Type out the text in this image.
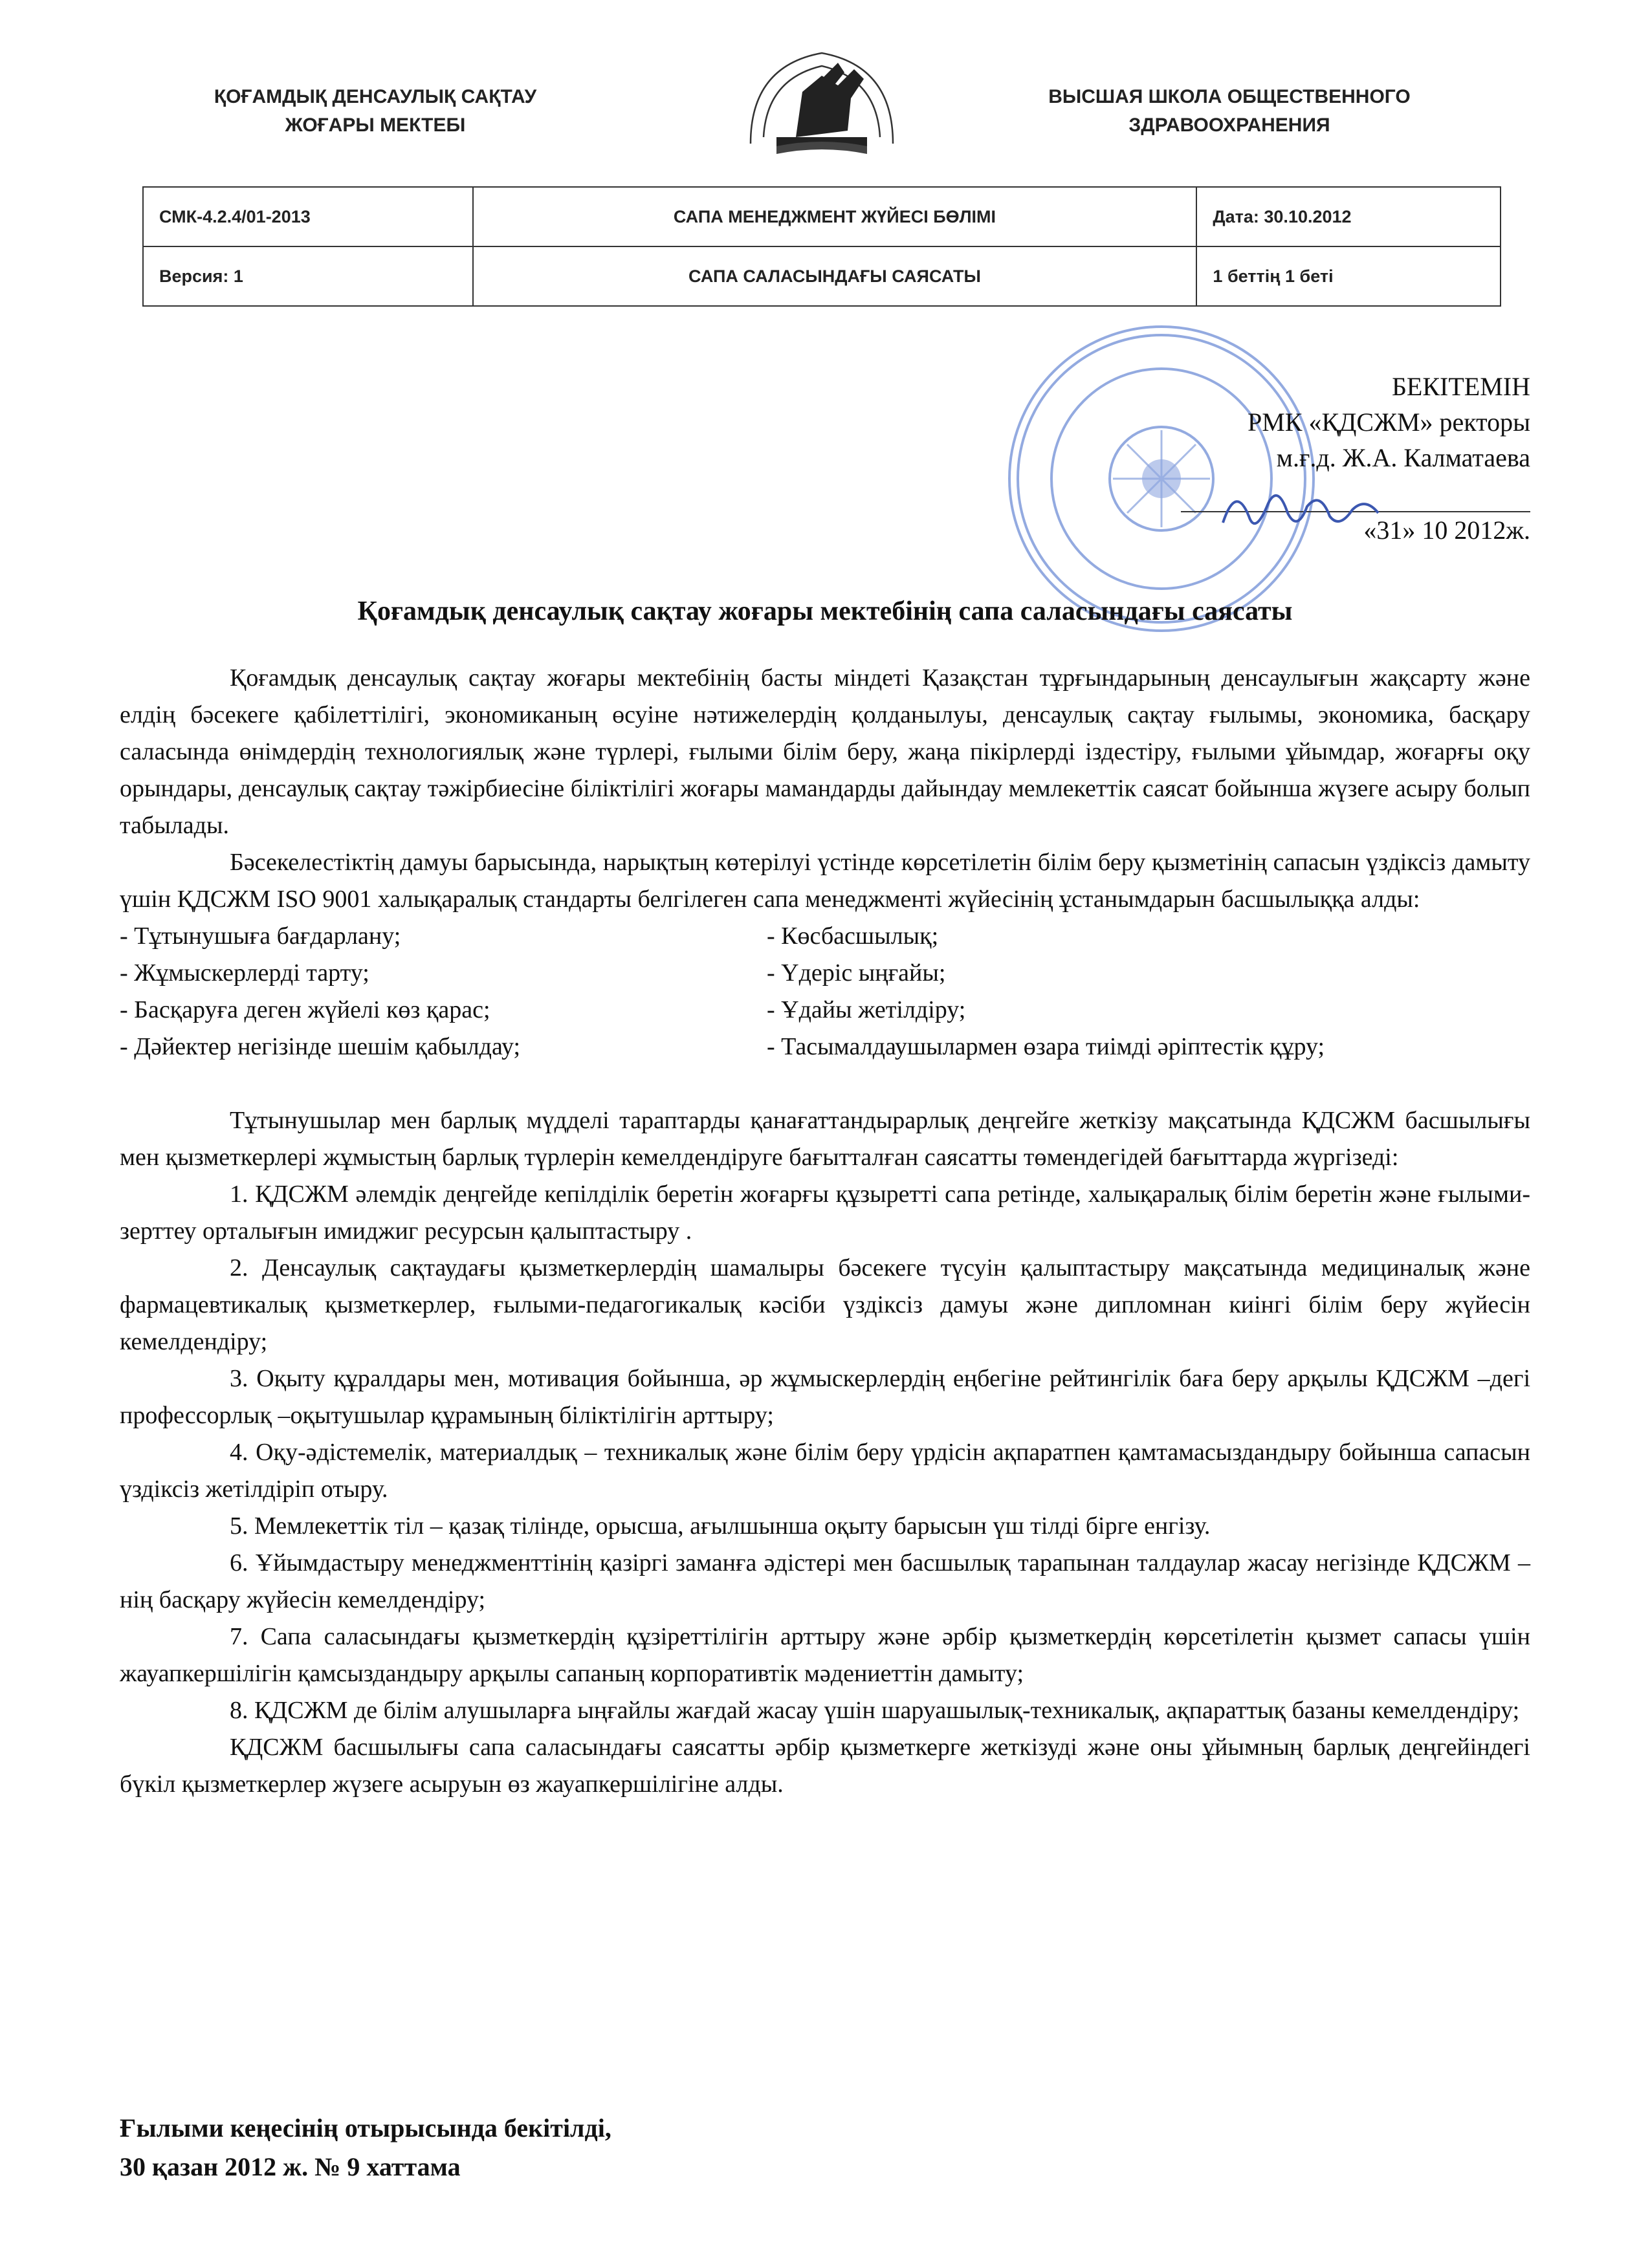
ҚОҒАМДЫҚ ДЕНСАУЛЫҚ САҚТАУ
ЖОҒАРЫ МЕКТЕБІ
ВЫСШАЯ ШКОЛА ОБЩЕСТВЕННОГО
ЗДРАВООХРАНЕНИЯ
СМК-4.2.4/01-2013	САПА МЕНЕДЖМЕНТ ЖҮЙЕСІ БӨЛІМІ	Дата: 30.10.2012
Версия: 1	САПА САЛАСЫНДАҒЫ САЯСАТЫ	1 беттің 1 беті
БЕКІТЕМІН
РМК «ҚДСЖМ» ректоры
м.ғ.д. Ж.А. Калматаева
«31» 10 2012ж.
Қоғамдық денсаулық сақтау жоғары мектебінің сапа саласындағы саясаты

Қоғамдық денсаулық сақтау жоғары мектебінің басты міндеті Қазақстан тұрғындарының денсаулығын жақсарту және елдің бәсекеге қабілеттілігі, экономиканың өсуіне нәтижелердің қолданылуы, денсаулық сақтау ғылымы, экономика, басқару саласында өнімдердің технологиялық және түрлері, ғылыми білім беру, жаңа пікірлерді іздестіру, ғылыми ұйымдар, жоғарғы оқу орындары, денсаулық сақтау тәжірбиесіне біліктілігі жоғары мамандарды дайындау мемлекеттік саясат бойынша жүзеге асыру болып табылады.

Бәсекелестіктің дамуы барысында, нарықтың көтерілуі үстінде көрсетілетін білім беру қызметінің сапасын үздіксіз дамыту үшін ҚДСЖМ ISO 9001 халықаралық стандарты белгілеген сапа менеджменті жүйесінің ұстанымдарын басшылыққа алды:

- Тұтынушыға бағдарлану;	- Көсбасшылық;
- Жұмыскерлерді тарту;	- Үдеріс ыңғайы;
- Басқаруға деген жүйелі көз қарас;	- Ұдайы жетілдіру;
- Дәйектер негізінде шешім қабылдау;	- Тасымалдаушылармен өзара тиімді әріптестік құру;

Тұтынушылар мен барлық мүдделі тараптарды қанағаттандырарлық деңгейге жеткізу мақсатында ҚДСЖМ басшылығы мен қызметкерлері жұмыстың барлық түрлерін кемелдендіруге бағытталған саясатты төмендегідей бағыттарда жүргізеді:

1. ҚДСЖМ әлемдік деңгейде кепілділік беретін жоғарғы құзыретті сапа ретінде, халықаралық білім беретін және ғылыми-зерттеу орталығын имиджиг ресурсын қалыптастыру .

2. Денсаулық сақтаудағы қызметкерлердің шамалыры бәсекеге түсуін қалыптастыру мақсатында медициналық және фармацевтикалық қызметкерлер, ғылыми-педагогикалық кәсіби үздіксіз дамуы және дипломнан киінгі білім беру жүйесін кемелдендіру;

3. Оқыту құралдары мен, мотивация бойынша, әр жұмыскерлердің еңбегіне рейтингілік баға беру арқылы ҚДСЖМ –дегі профессорлық –оқытушылар құрамының біліктілігін арттыру;

4. Оқу-әдістемелік, материалдық – техникалық және білім беру үрдісін ақпаратпен қамтамасыздандыру бойынша сапасын үздіксіз жетілдіріп отыру.

5. Мемлекеттік тіл – қазақ тілінде, орысша, ағылшынша оқыту барысын үш тілді бірге енгізу.

6. Ұйымдастыру менеджменттінің қазіргі заманға әдістері мен басшылық тарапынан талдаулар жасау негізінде ҚДСЖМ –нің басқару жүйесін кемелдендіру;

7. Сапа саласындағы қызметкердің құзіреттілігін арттыру және әрбір қызметкердің көрсетілетін қызмет сапасы үшін жауапкершілігін қамсыздандыру арқылы сапаның корпоративтік мәдениеттін дамыту;

8. ҚДСЖМ де білім алушыларға ыңғайлы жағдай жасау үшін шаруашылық-техникалық, ақпараттық базаны кемелдендіру;

ҚДСЖМ басшылығы сапа саласындағы саясатты әрбір қызметкерге жеткізуді және оны ұйымның барлық деңгейіндегі бүкіл қызметкерлер жүзеге асыруын өз жауапкершілігіне алды.

Ғылыми кеңесінің отырысында бекітілді,
30 қазан 2012 ж. № 9 хаттама
